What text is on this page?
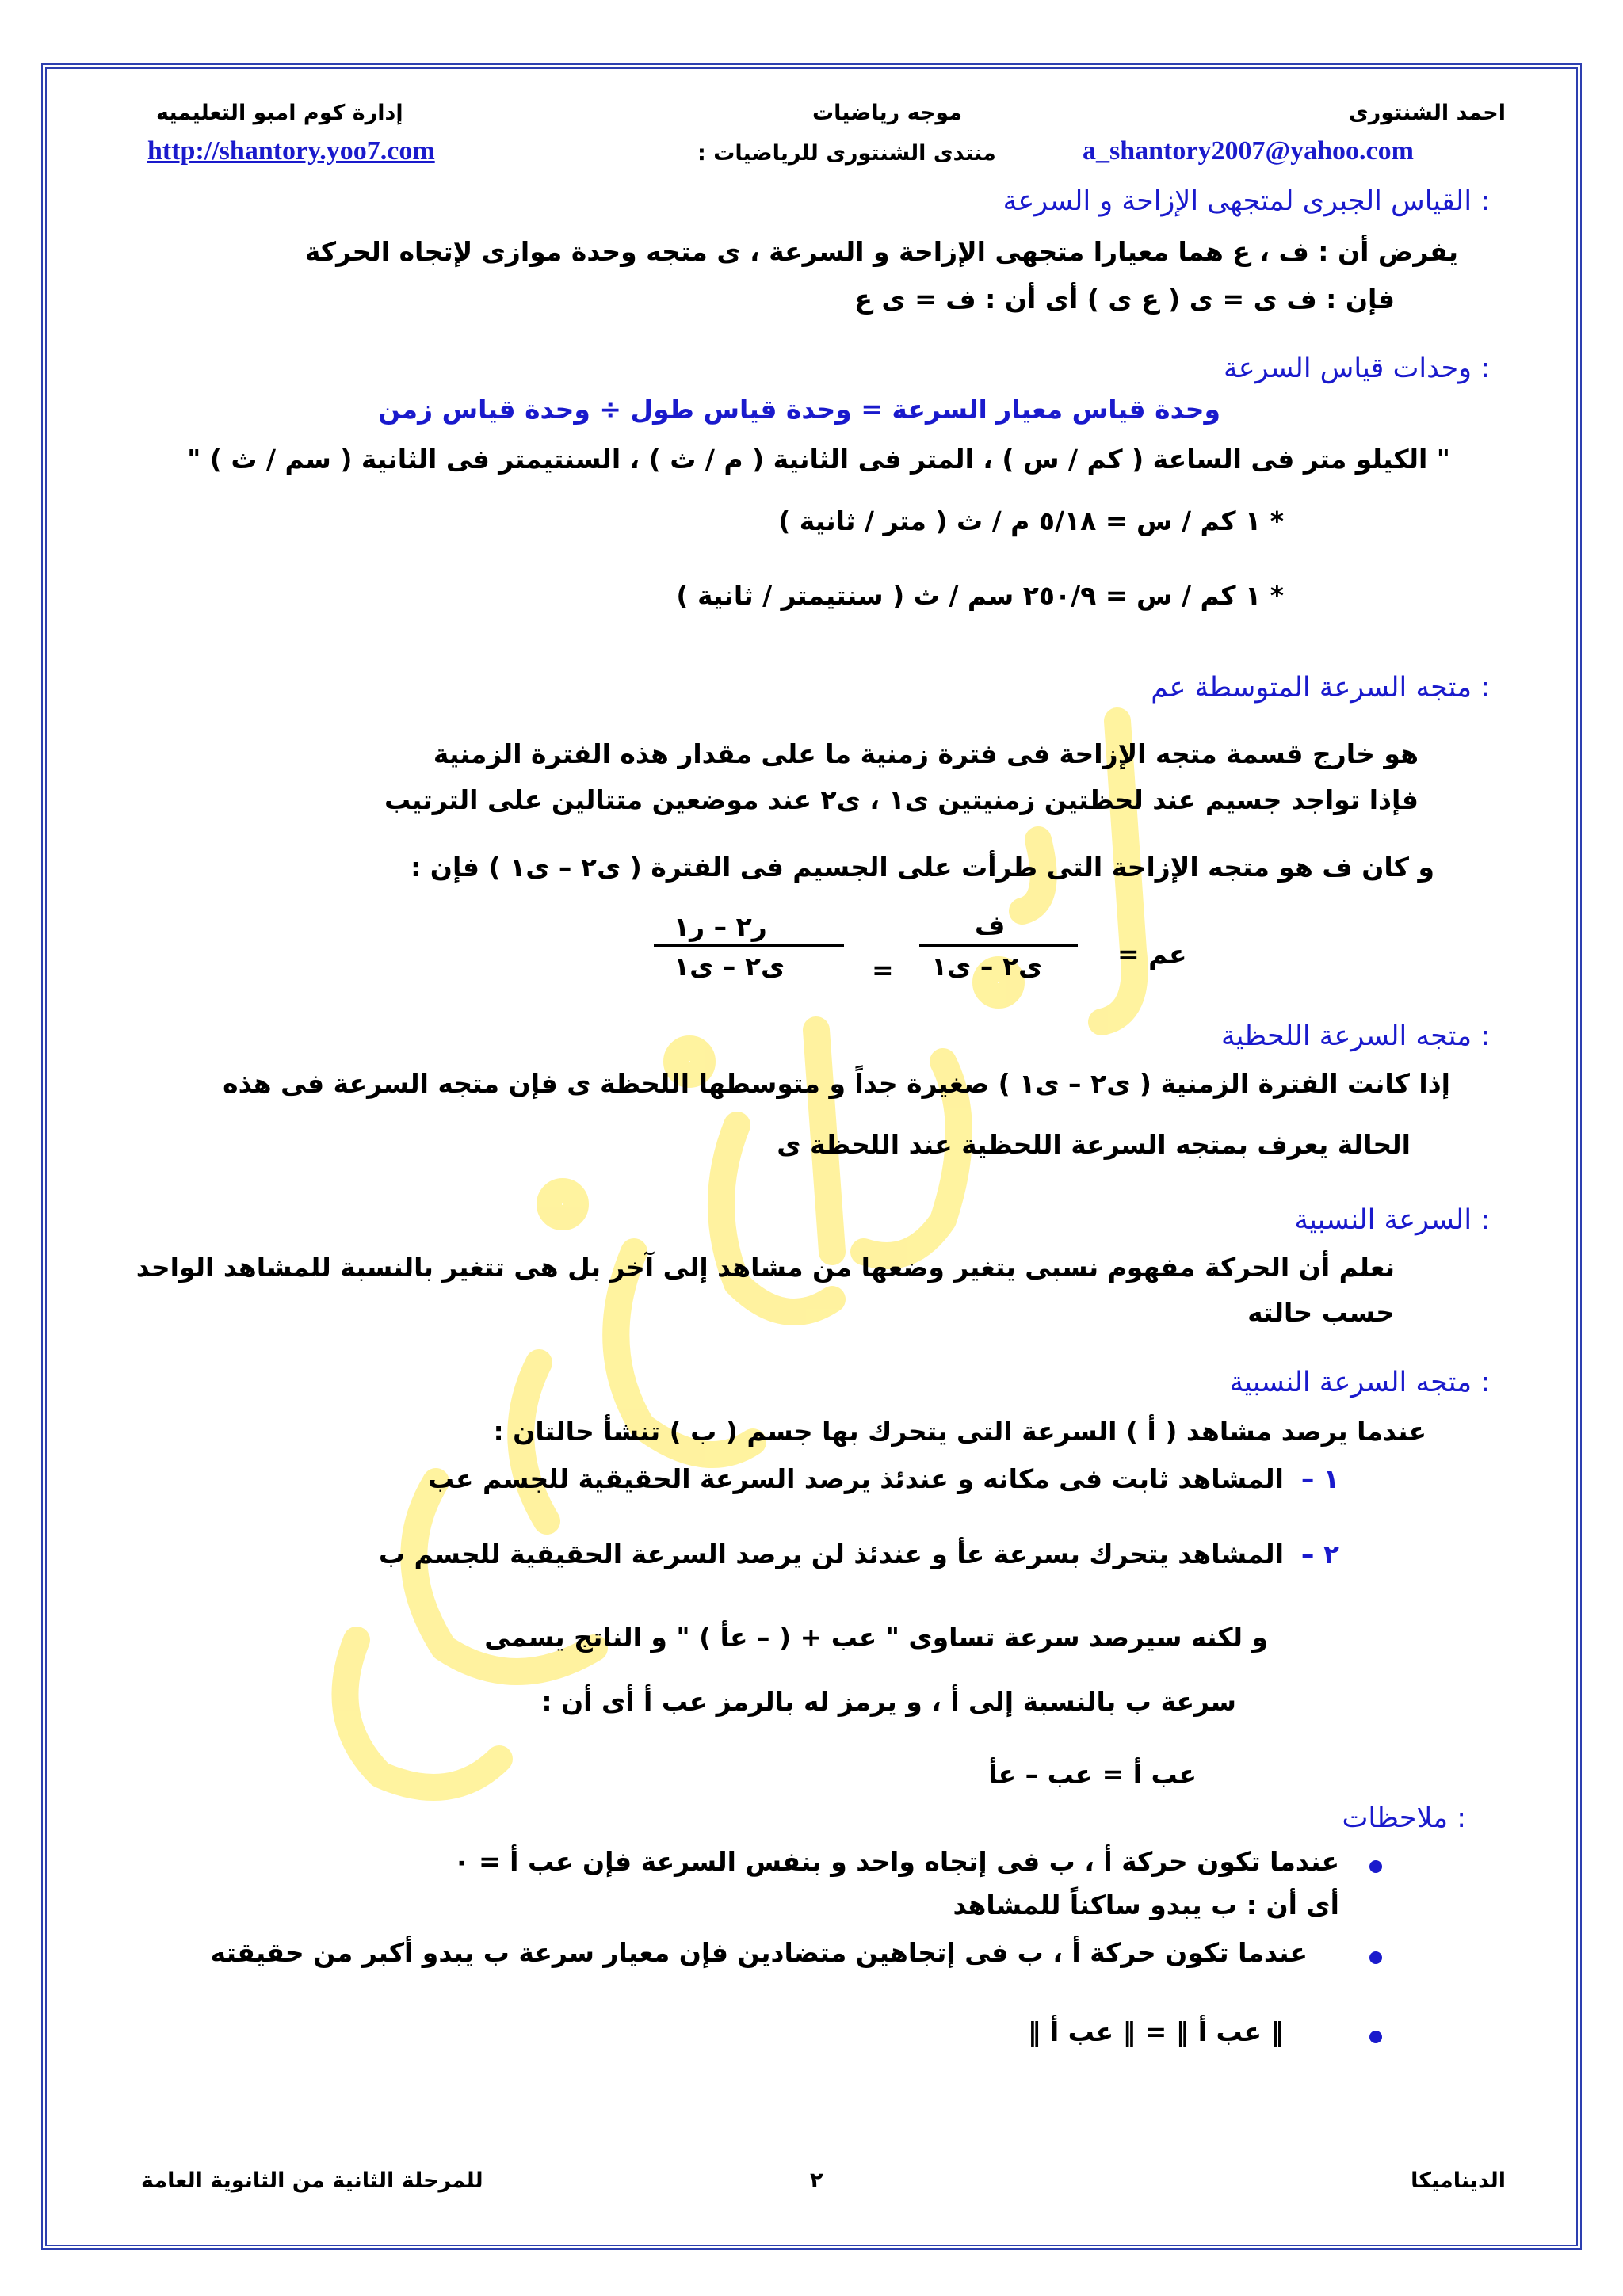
احمد الشنتورى
موجه رياضيات
إدارة كوم امبو التعليميه
a_shantory2007@yahoo.com
منتدى الشنتورى للرياضيات :
http://shantory.yoo7.com
القياس الجبرى لمتجهى الإزاحة و السرعة :
يفرض أن : ف ، ع هما معيارا متجهى الإزاحة و السرعة ، ى متجه وحدة موازى لإتجاه الحركة
فإن : ف ى = ى ( ع ى ) أى أن : ف = ى ع
وحدات قياس السرعة :
وحدة قياس معيار السرعة = وحدة قياس طول ÷ وحدة قياس زمن
" الكيلو متر فى الساعة ( كم / س ) ، المتر فى الثانية ( م / ث ) ، السنتيمتر فى الثانية ( سم / ث ) "
* ١ كم / س = ٥/١٨ م / ث ( متر / ثانية )
* ١ كم / س = ٢٥٠/٩ سم / ث ( سنتيمتر / ثانية )
متجه السرعة المتوسطة عم :
هو خارج قسمة متجه الإزاحة فى فترة زمنية ما على مقدار هذه الفترة الزمنية
فإذا تواجد جسيم عند لحظتين زمنيتين ى١ ، ى٢ عند موضعين متتالين على الترتيب
و كان ف هو متجه الإزاحة التى طرأت على الجسيم فى الفترة ( ى٢ – ى١ ) فإن :
عم =
ف
ى٢ – ى١
=
ر٢ – ر١
ى٢ – ى١
متجه السرعة اللحظية :
إذا كانت الفترة الزمنية ( ى٢ – ى١ ) صغيرة جداً و متوسطها اللحظة ى فإن متجه السرعة فى هذه
الحالة يعرف بمتجه السرعة اللحظية عند اللحظة ى
السرعة النسبية :
نعلم أن الحركة مفهوم نسبى يتغير وضعها من مشاهد إلى آخر بل هى تتغير بالنسبة للمشاهد الواحد
حسب حالته
متجه السرعة النسبية :
عندما يرصد مشاهد ( أ ) السرعة التى يتحرك بها جسم ( ب ) تنشأ حالتان :
١ –
المشاهد ثابت فى مكانه و عندئذ يرصد السرعة الحقيقية للجسم عب
٢ –
المشاهد يتحرك بسرعة عأ و عندئذ لن يرصد السرعة الحقيقية للجسم ب
و لكنه سيرصد سرعة تساوى " عب + ( – عأ ) " و الناتج يسمى
سرعة ب بالنسبة إلى أ ، و يرمز له بالرمز عب أ أى أن :
عب أ = عب – عأ
ملاحظات :
عندما تكون حركة أ ، ب فى إتجاه واحد و بنفس السرعة فإن عب أ = ٠
أى أن : ب يبدو ساكناً للمشاهد
عندما تكون حركة أ ، ب فى إتجاهين متضادين فإن معيار سرعة ب يبدو أكبر من حقيقته
‖ عب أ ‖ = ‖ عب أ ‖
للمرحلة الثانية من الثانوية العامة	٢	الديناميكا
